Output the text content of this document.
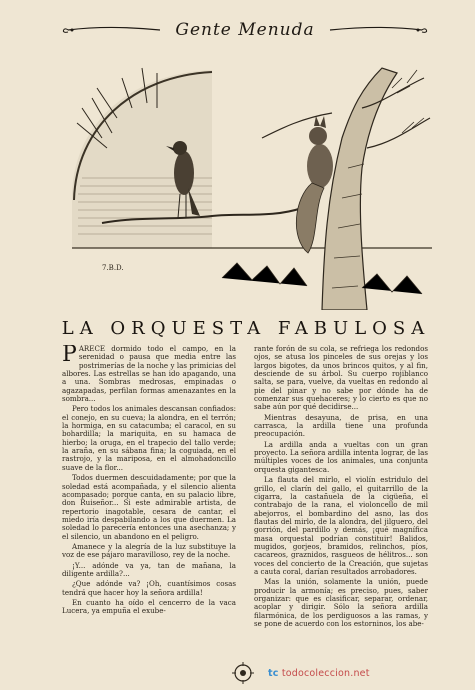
Gente Menuda
7.B.D.
LA ORQUESTA FABULOSA

PARECE dormido todo el campo, en la serenidad o pausa que media entre las postrimerías de la noche y las primicias del albores. Las estrellas se han ido apagando, una a una. Sombras medrosas, empinadas o agazapadas, perfilan formas amenazantes en la sombra...

Pero todos los animales descansan confiados: el conejo, en su cueva; la alondra, en el terrón; la hormiga, en su catacumba; el caracol, en su bohardilla; la mariquita, en su hamaca de hierbo; la oruga, en el trapecio del tallo verde; la araña, en su sábana fina; la coguiada, en el rastrojo, y la mariposa, en el almohadoncillo suave de la flor...

Todos duermen descuidadamente; por que la soledad está acompañada, y el silencio alienta acompasado; porque canta, en su palacio libre, don Ruiseñor... Si este admirable artista, de repertorio inagotable, cesara de cantar, el miedo iría despabilando a los que duermen. La soledad lo parecería entonces una asechanza; y el silencio, un abandono en el peligro.

Amanece y la alegría de la luz substituye la voz de ese pájaro maravilloso, rey de la noche.

¡Y... adónde va ya, tan de mañana, la diligente ardilla?...

¿Que adónde va? ¡Oh, cuantísimos cosas tendrá que hacer hoy la señora ardilla!

En cuanto ha oído el cencerro de la vaca Lucera, ya empuña el exube-

rante forón de su cola, se refriega los redondos ojos, se atusa los pinceles de sus orejas y los largos bigotes, da unos brincos quitos, y al fin, desciende de su árbol. Su cuerpo rojiblanco salta, se para, vuelve, da vueltas en redondo al pie del pinar y no sabe por dónde ha de comenzar sus quehaceres; y lo cierto es que no sabe aún por qué decidirse...

Mientras desayuna, de prisa, en una carrasca, la ardilla tiene una profunda preocupación.

La ardilla anda a vueltas con un gran proyecto. La señora ardilla intenta lograr, de las múltiples voces de los animales, una conjunta orquesta gigantesca.

La flauta del mirlo, el violín estridulo del grillo, el clarín del gallo, el guitarrillo de la cigarra, la castañuela de la cigüeña, el contrabajo de la rana, el violoncello de mil abejorros, el bombardino del asno, las dos flautas del mirlo, de la alondra, del jilguero, del gorrión, del pardillo y demás, ¡qué magnífica masa orquestal podrían constituir! Balidos, mugidos, gorjeos, bramidos, relinchos, píos, cacareos, graznidos, rasgueos de hélitros... son voces del concierto de la Creación, que sujetas a cauta coral, darían resultados arrobadores.

Mas la unión, solamente la unión, puede producir la armonía; es preciso, pues, saber organizar: que es clasificar, separar, ordenar, acoplar y dirigir. Sólo la señora ardilla filarmónica, de los perdiguosos a las ramas, y se pone de acuerdo con los estorninos, los abe-

tc todocoleccion.net
